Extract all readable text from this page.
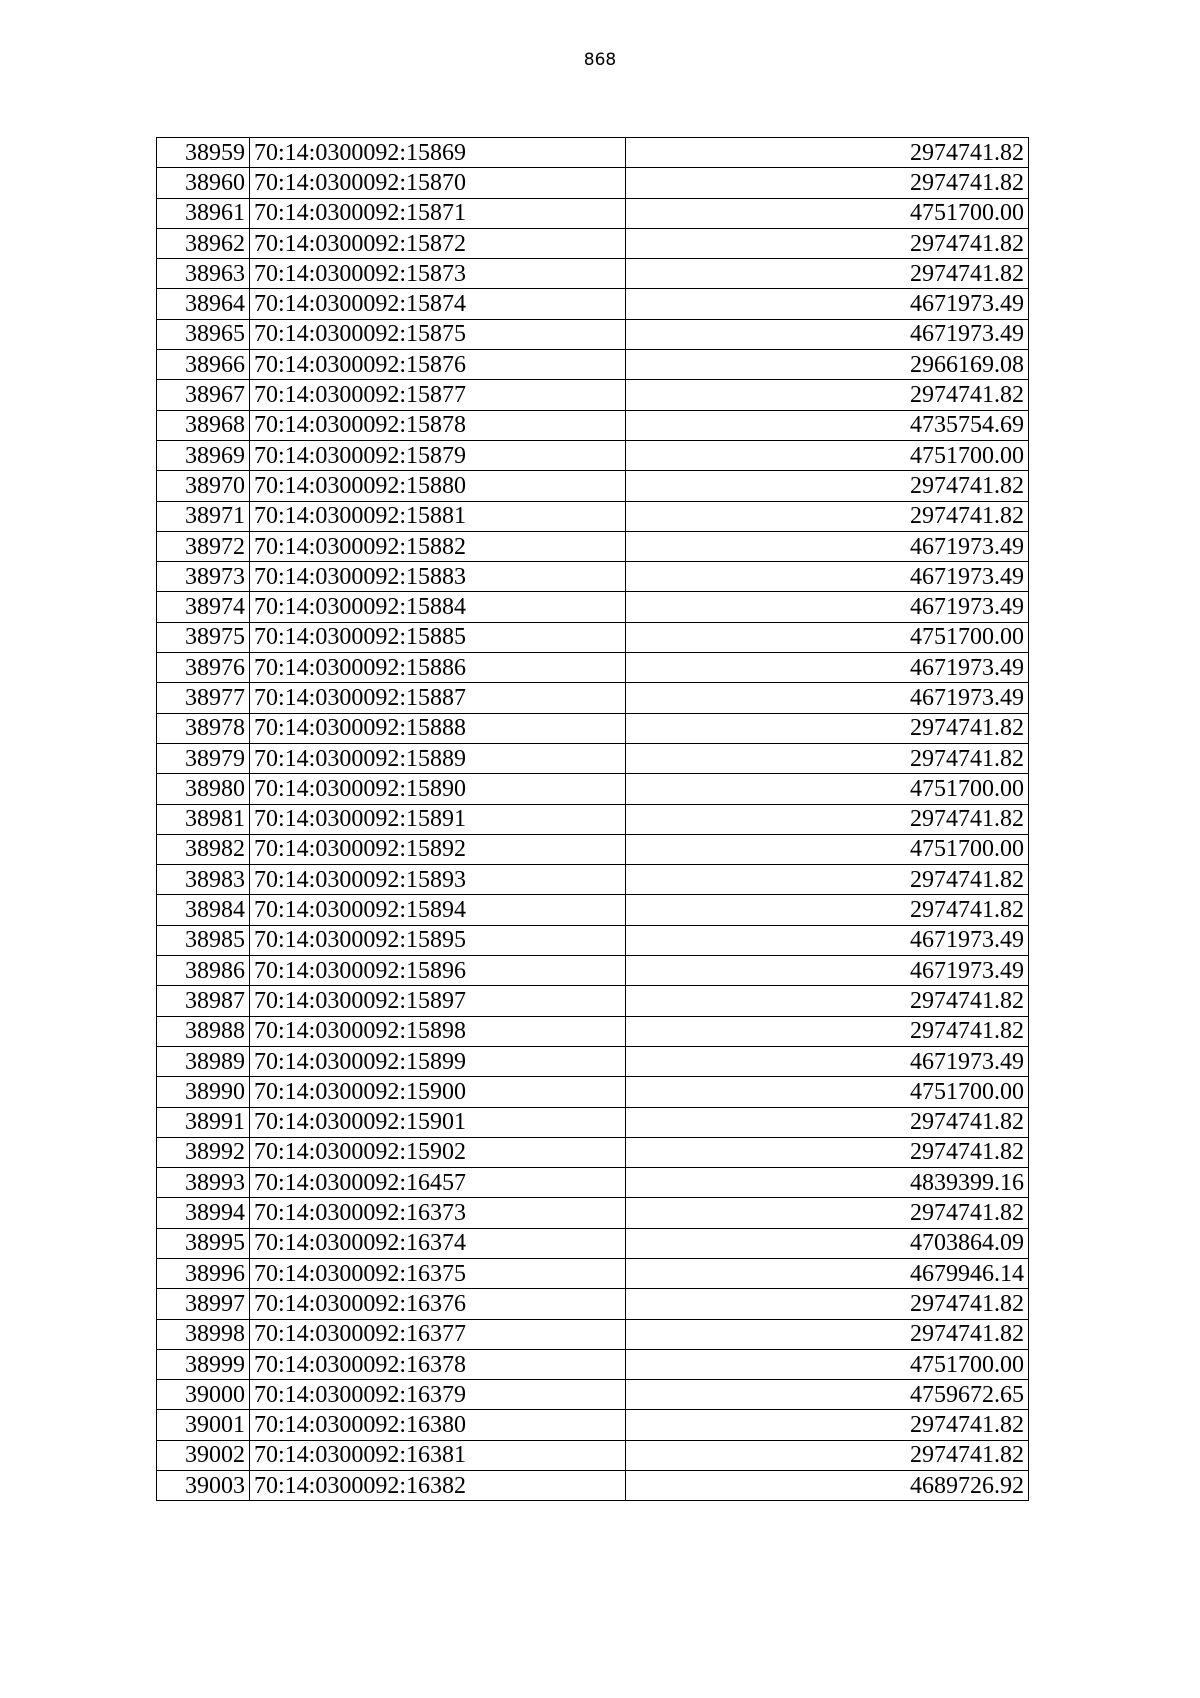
868
38959	70:14:0300092:15869	2974741.82
38960	70:14:0300092:15870	2974741.82
38961	70:14:0300092:15871	4751700.00
38962	70:14:0300092:15872	2974741.82
38963	70:14:0300092:15873	2974741.82
38964	70:14:0300092:15874	4671973.49
38965	70:14:0300092:15875	4671973.49
38966	70:14:0300092:15876	2966169.08
38967	70:14:0300092:15877	2974741.82
38968	70:14:0300092:15878	4735754.69
38969	70:14:0300092:15879	4751700.00
38970	70:14:0300092:15880	2974741.82
38971	70:14:0300092:15881	2974741.82
38972	70:14:0300092:15882	4671973.49
38973	70:14:0300092:15883	4671973.49
38974	70:14:0300092:15884	4671973.49
38975	70:14:0300092:15885	4751700.00
38976	70:14:0300092:15886	4671973.49
38977	70:14:0300092:15887	4671973.49
38978	70:14:0300092:15888	2974741.82
38979	70:14:0300092:15889	2974741.82
38980	70:14:0300092:15890	4751700.00
38981	70:14:0300092:15891	2974741.82
38982	70:14:0300092:15892	4751700.00
38983	70:14:0300092:15893	2974741.82
38984	70:14:0300092:15894	2974741.82
38985	70:14:0300092:15895	4671973.49
38986	70:14:0300092:15896	4671973.49
38987	70:14:0300092:15897	2974741.82
38988	70:14:0300092:15898	2974741.82
38989	70:14:0300092:15899	4671973.49
38990	70:14:0300092:15900	4751700.00
38991	70:14:0300092:15901	2974741.82
38992	70:14:0300092:15902	2974741.82
38993	70:14:0300092:16457	4839399.16
38994	70:14:0300092:16373	2974741.82
38995	70:14:0300092:16374	4703864.09
38996	70:14:0300092:16375	4679946.14
38997	70:14:0300092:16376	2974741.82
38998	70:14:0300092:16377	2974741.82
38999	70:14:0300092:16378	4751700.00
39000	70:14:0300092:16379	4759672.65
39001	70:14:0300092:16380	2974741.82
39002	70:14:0300092:16381	2974741.82
39003	70:14:0300092:16382	4689726.92
